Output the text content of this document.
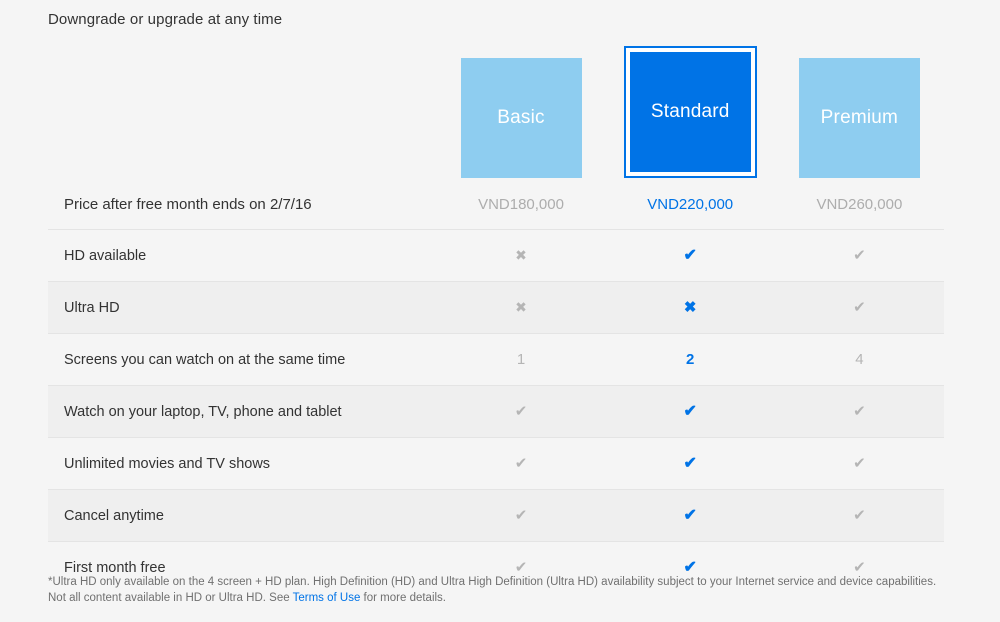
Downgrade or upgrade at any time

	Basic	Standard	Premium

Price after free month ends on 2/7/16	VND180,000	VND220,000	VND260,000
HD available	✖	✔	✔
Ultra HD	✖	✖	✔
Screens you can watch on at the same time	1	2	4
Watch on your laptop, TV, phone and tablet	✔	✔	✔
Unlimited movies and TV shows	✔	✔	✔
Cancel anytime	✔	✔	✔
First month free	✔	✔	✔
*Ultra HD only available on the 4 screen + HD plan. High Definition (HD) and Ultra High Definition (Ultra HD) availability subject to your Internet service and device capabilities. Not all content available in HD or Ultra HD. See Terms of Use for more details.
